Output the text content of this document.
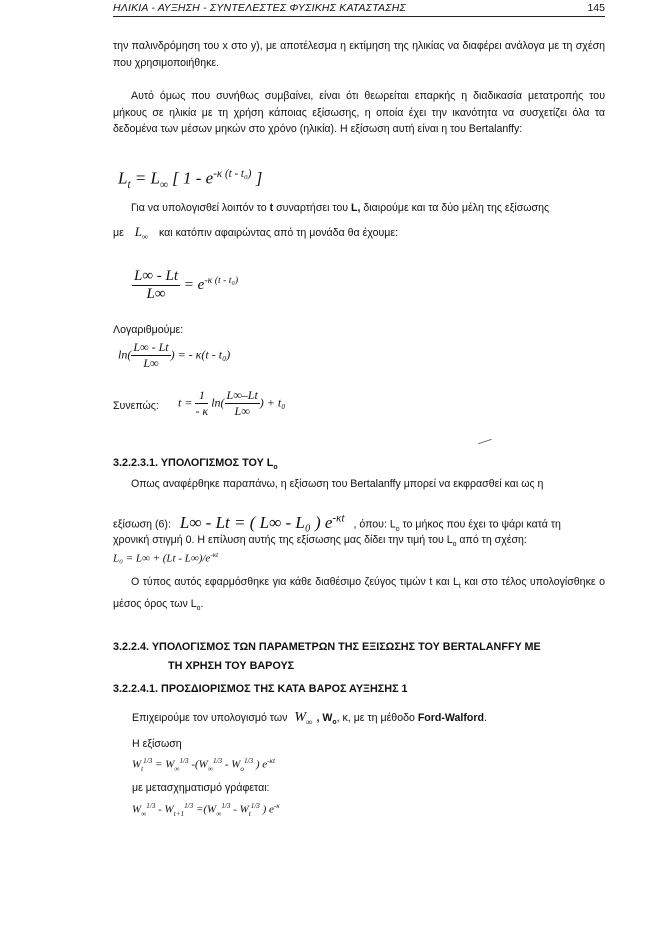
ΗΛΙΚΙΑ - ΑΥΞΗΣΗ - ΣΥΝΤΕΛΕΣΤΕΣ ΦΥΣΙΚΗΣ ΚΑΤΑΣΤΑΣΗΣ	145
την παλινδρόμηση του x στο y), με αποτέλεσμα η εκτίμηση της ηλικίας να διαφέρει ανάλογα με τη σχέση που χρησιμοποιήθηκε.
Αυτό όμως που συνήθως συμβαίνει, είναι ότι θεωρείται επαρκής η διαδικασία μετατροπής του μήκους σε ηλικία με τη χρήση κάποιας εξίσωσης, η οποία έχει την ικανότητα να συσχετίζει όλα τα δεδομένα των μέσων μηκών στο χρόνο (ηλικία). Η εξίσωση αυτή είναι η του Bertalanffy:
$L_t = L_\infty$ [ $1 - e^{-\kappa (t - t_0)}$ ]
Για να υπολογισθεί λοιπόν το t συναρτήσει του L, διαιρούμε και τα δύο μέλη της εξίσωσης
με $L_\infty$ και κατόπιν αφαιρώντας από τη μονάδα θα έχουμε:
$\frac{L\infty - Lt}{L\infty} = e^{-\kappa (t - t_0)}$
Λογαριθμούμε:
$\ln( \frac{L\infty - Lt}{L\infty}$ ) = - κ(t - t₀)
Συνεπώς:	$t = \frac{1}{- \kappa} \ln( \frac{L\infty-Lt}{L\infty}$ ) + t₀
3.2.2.3.1. ΥΠΟΛΟΓΙΣΜΟΣ ΤΟΥ $L_o$
Οπως αναφέρθηκε παραπάνω, η εξίσωση του Bertalanffy μπορεί να εκφρασθεί και ως η
εξίσωση (6): L∞ - Lt = ( L∞ - L₀ ) $e^{-\kappa t}$ , όπου: $L_o$ το μήκος που έχει το ψάρι κατά τη
χρονική στιγμή 0. Η επίλυση αυτής της εξίσωσης μας δίδει την τιμή του $L_o$ από τη σχέση:
$L_0 = L\infty + (Lt - L\infty)/e^{-\kappa t}$
Ο τύπος αυτός εφαρμόσθηκε για κάθε διαθέσιμο ζεύγος τιμών t και $L_t$ και στο τέλος υπολογίσθηκε ο μέσος όρος των $L_o$.
3.2.2.4. ΥΠΟΛΟΓΙΣΜΟΣ ΤΩΝ ΠΑΡΑΜΕΤΡΩΝ ΤΗΣ ΕΞΙΣΩΣΗΣ ΤΟΥ BERTALANFFY ΜΕ
ΤΗ ΧΡΗΣΗ ΤΟΥ ΒΑΡΟΥΣ
3.2.2.4.1. ΠΡΟΣΔΙΟΡΙΣΜΟΣ ΤΗΣ ΚΑΤΑ ΒΑΡΟΣ ΑΥΞΗΣΗΣ 1
Επιχειρούμε τον υπολογισμό των $W_\infty$ , $W_o$, κ, με τη μέθοδο Ford-Walford.
Η εξίσωση
$W_t^{1/3} = W_\infty^{1/3}$ $-(W_\infty^{1/3} - W_o^{1/3}$ ) $e^{-\kappa t}$
με μετασχηματισμό γράφεται:
$W_\infty^{1/3} - W_{t+1}^{1/3} =(W_\infty^{1/3} - W_t^{1/3}$ ) $e^{-\kappa}$
